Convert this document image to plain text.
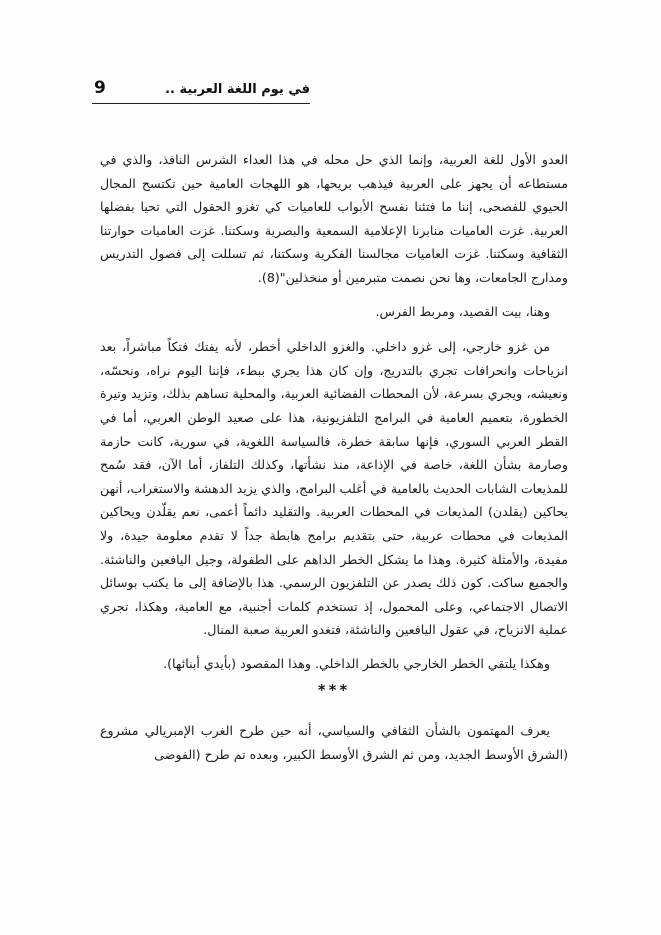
في يوم اللغة العربية ..
9

العدو الأول للغة العربية، وإنما الذي حل محله في هذا العداء الشرس النافذ، والذي في مستطاعه أن يجهز على العربية فيذهب بريحها، هو اللهجات العامية حين تكتسح المجال الحيوي للفصحى، إننا ما فتئنا نفسح الأبواب للعاميات كي تغزو الحقول التي تحيا بفضلها العربية. غزت العاميات منابرنا الإعلامية السمعية والبصرية وسكتنا. غزت العاميات حوارتنا الثقافية وسكتنا. غزت العاميات مجالسنا الفكرية وسكتنا، ثم تسللت إلى فصول التدريس ومدارج الجامعات، وها نحن نصمت متبرمين أو منخذلين"(8).

وهنا، بيت القصيد، ومربط الفرس.

من غزو خارجي، إلى غزو داخلي. والغزو الداخلي أخطر، لأنه يفتك فتكاً مباشراً، بعد انزياحات وانحرافات تجري بالتدريج، وإن كان هذا يجري ببطء، فإننا اليوم نراه، ونحسّه، ونعيشه، ويجري بسرعة، لأن المحطات الفضائية العربية، والمحلية تساهم بذلك، وتزيد وتيرة الخطورة، بتعميم العامية في البرامج التلفزيونية، هذا على صعيد الوطن العربي، أما في القطر العربي السوري، فإنها سابقة خطرة، فالسياسة اللغوية، في سورية، كانت حازمة وصارمة بشأن اللغة، خاصة في الإذاعة، منذ نشأتها، وكذلك التلفاز، أما الآن، فقد سُمح للمذيعات الشابات الحديث بالعامية في أغلب البرامج، والذي يزيد الدهشة والاستغراب، أنهن يحاكين (يقلدن) المذيعات في المحطات العربية. والتقليد دائماً أعمى، نعم يقلّدن ويحاكين المذيعات في محطات عربية، حتى بتقديم برامج هابطة جداً لا تقدم معلومة جيدة، ولا مفيدة، والأمثلة كثيرة. وهذا ما يشكل الخطر الداهم على الطفولة، وجيل اليافعين والناشئة. والجميع ساكت. كون ذلك يصدر عن التلفزيون الرسمي. هذا بالإضافة إلى ما يكتب بوسائل الاتصال الاجتماعي، وعلى المحمول، إذ تستخدم كلمات أجنبية، مع العامية، وهكذا، تجري عملية الانزياح، في عقول اليافعين والناشئة، فتغدو العربية صعبة المنال.

وهكذا يلتقي الخطر الخارجي بالخطر الداخلي. وهذا المقصود (بأيدي أبنائها).

***

يعرف المهتمون بالشأن الثقافي والسياسي، أنه حين طرح الغرب الإمبريالي مشروع (الشرق الأوسط الجديد، ومن ثم الشرق الأوسط الكبير، وبعده تم طرح (الفوضى
